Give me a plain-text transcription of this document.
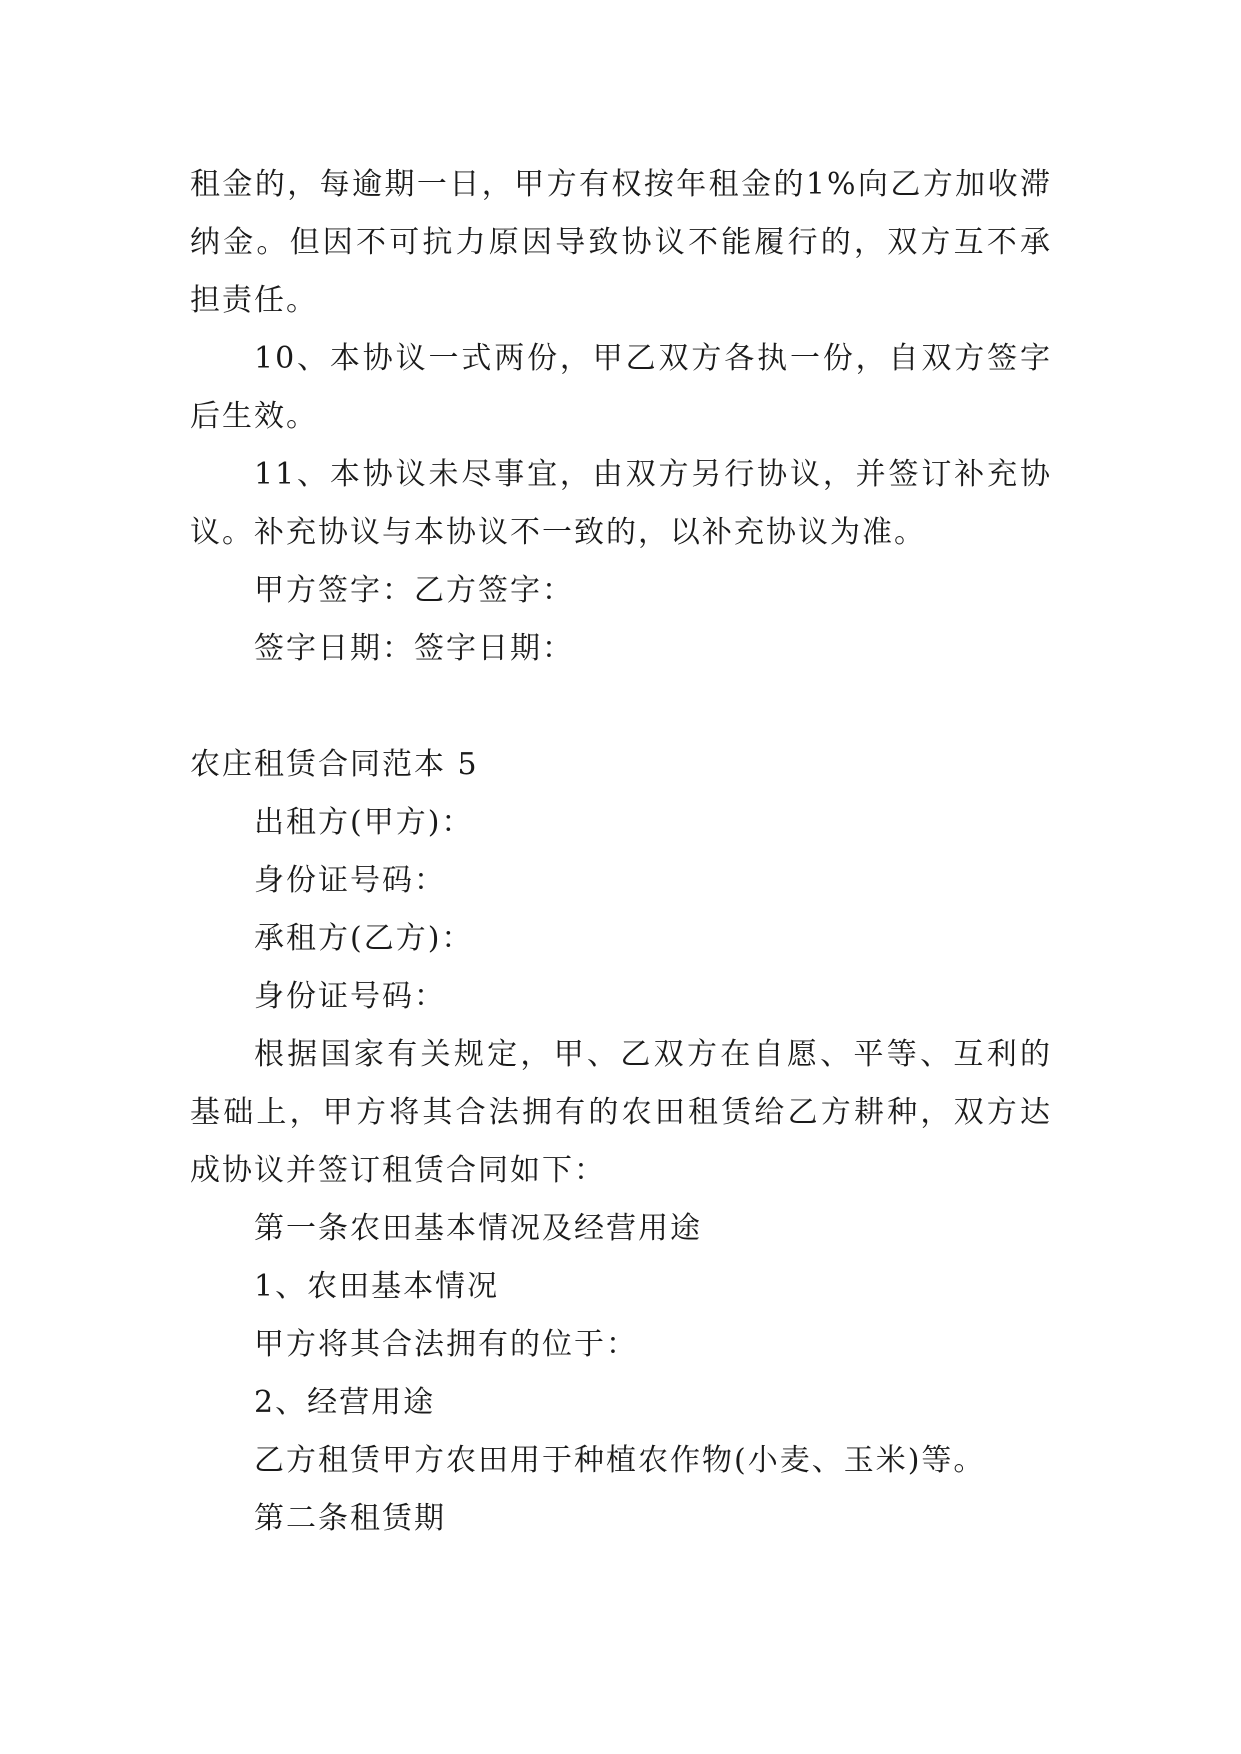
租金的，每逾期一日，甲方有权按年租金的1%向乙方加收滞纳金。但因不可抗力原因导致协议不能履行的，双方互不承担责任。

10、本协议一式两份，甲乙双方各执一份，自双方签字后生效。

11、本协议未尽事宜，由双方另行协议，并签订补充协议。补充协议与本协议不一致的，以补充协议为准。

甲方签字：乙方签字：

签字日期：签字日期：

农庄租赁合同范本 5

出租方(甲方)：

身份证号码：

承租方(乙方)：

身份证号码：

根据国家有关规定，甲、乙双方在自愿、平等、互利的基础上，甲方将其合法拥有的农田租赁给乙方耕种，双方达成协议并签订租赁合同如下：

第一条农田基本情况及经营用途

1、农田基本情况

甲方将其合法拥有的位于：

2、经营用途

乙方租赁甲方农田用于种植农作物(小麦、玉米)等。

第二条租赁期
